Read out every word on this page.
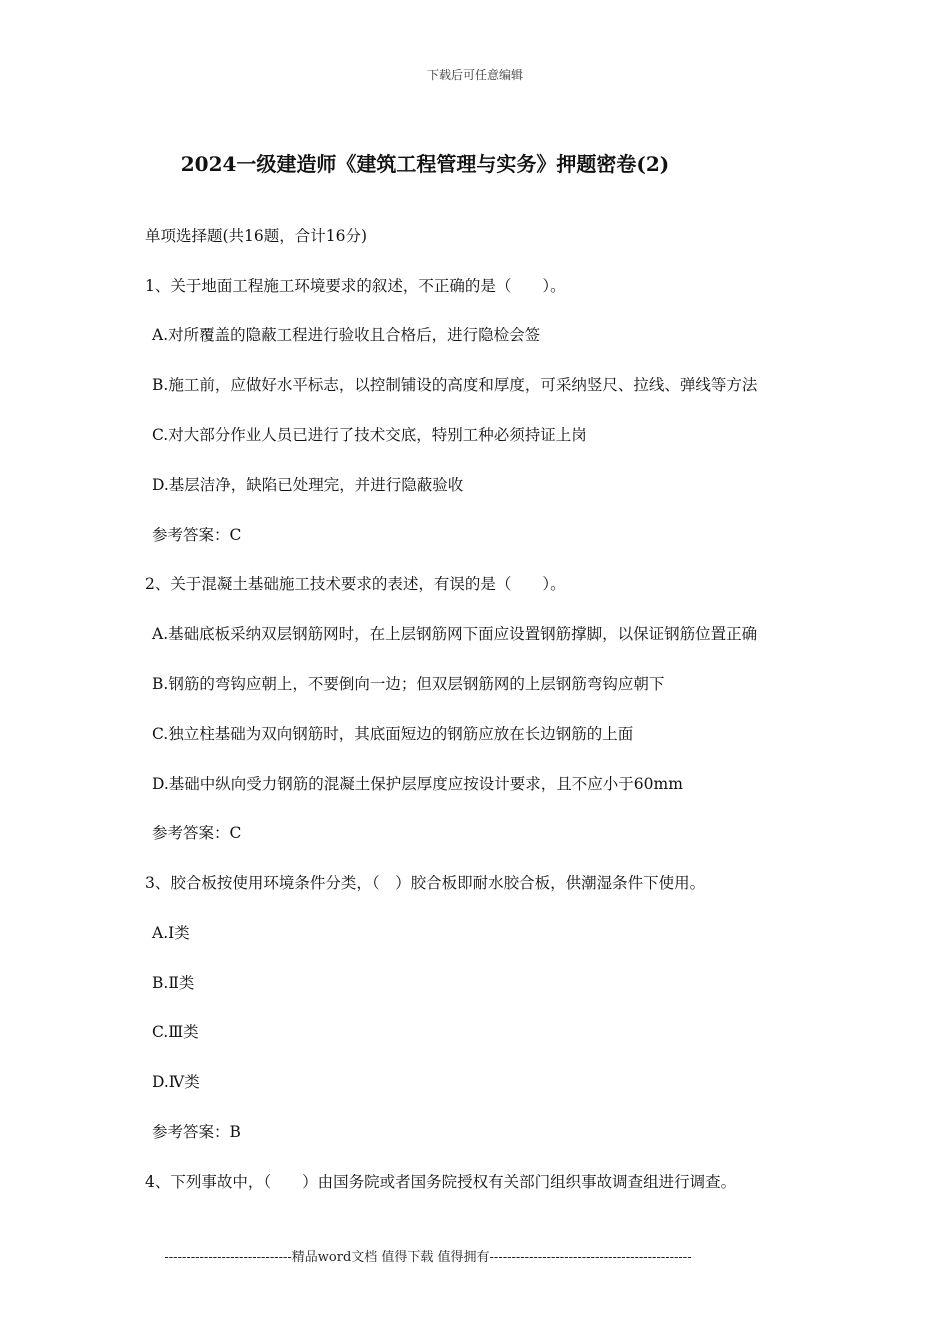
下载后可任意编辑
2024一级建造师《建筑工程管理与实务》押题密卷(2)
单项选择题(共16题，合计16分)
1、关于地面工程施工环境要求的叙述，不正确的是（　　）。
A.对所覆盖的隐蔽工程进行验收且合格后，进行隐检会签
B.施工前，应做好水平标志，以控制铺设的高度和厚度，可采纳竖尺、拉线、弹线等方法
C.对大部分作业人员已进行了技术交底，特别工种必须持证上岗
D.基层洁净，缺陷已处理完，并进行隐蔽验收
参考答案：C
2、关于混凝土基础施工技术要求的表述，有误的是（　　）。
A.基础底板采纳双层钢筋网时，在上层钢筋网下面应设置钢筋撑脚，以保证钢筋位置正确
B.钢筋的弯钩应朝上，不要倒向一边；但双层钢筋网的上层钢筋弯钩应朝下
C.独立柱基础为双向钢筋时，其底面短边的钢筋应放在长边钢筋的上面
D.基础中纵向受力钢筋的混凝土保护层厚度应按设计要求，且不应小于60mm
参考答案：C
3、胶合板按使用环境条件分类，（　）胶合板即耐水胶合板，供潮湿条件下使用。
A.I类
B.Ⅱ类
C.Ⅲ类
D.Ⅳ类
参考答案：B
4、下列事故中，（　　）由国务院或者国务院授权有关部门组织事故调查组进行调查。
-----------------------------精品word文档 值得下载 值得拥有----------------------------------------------
